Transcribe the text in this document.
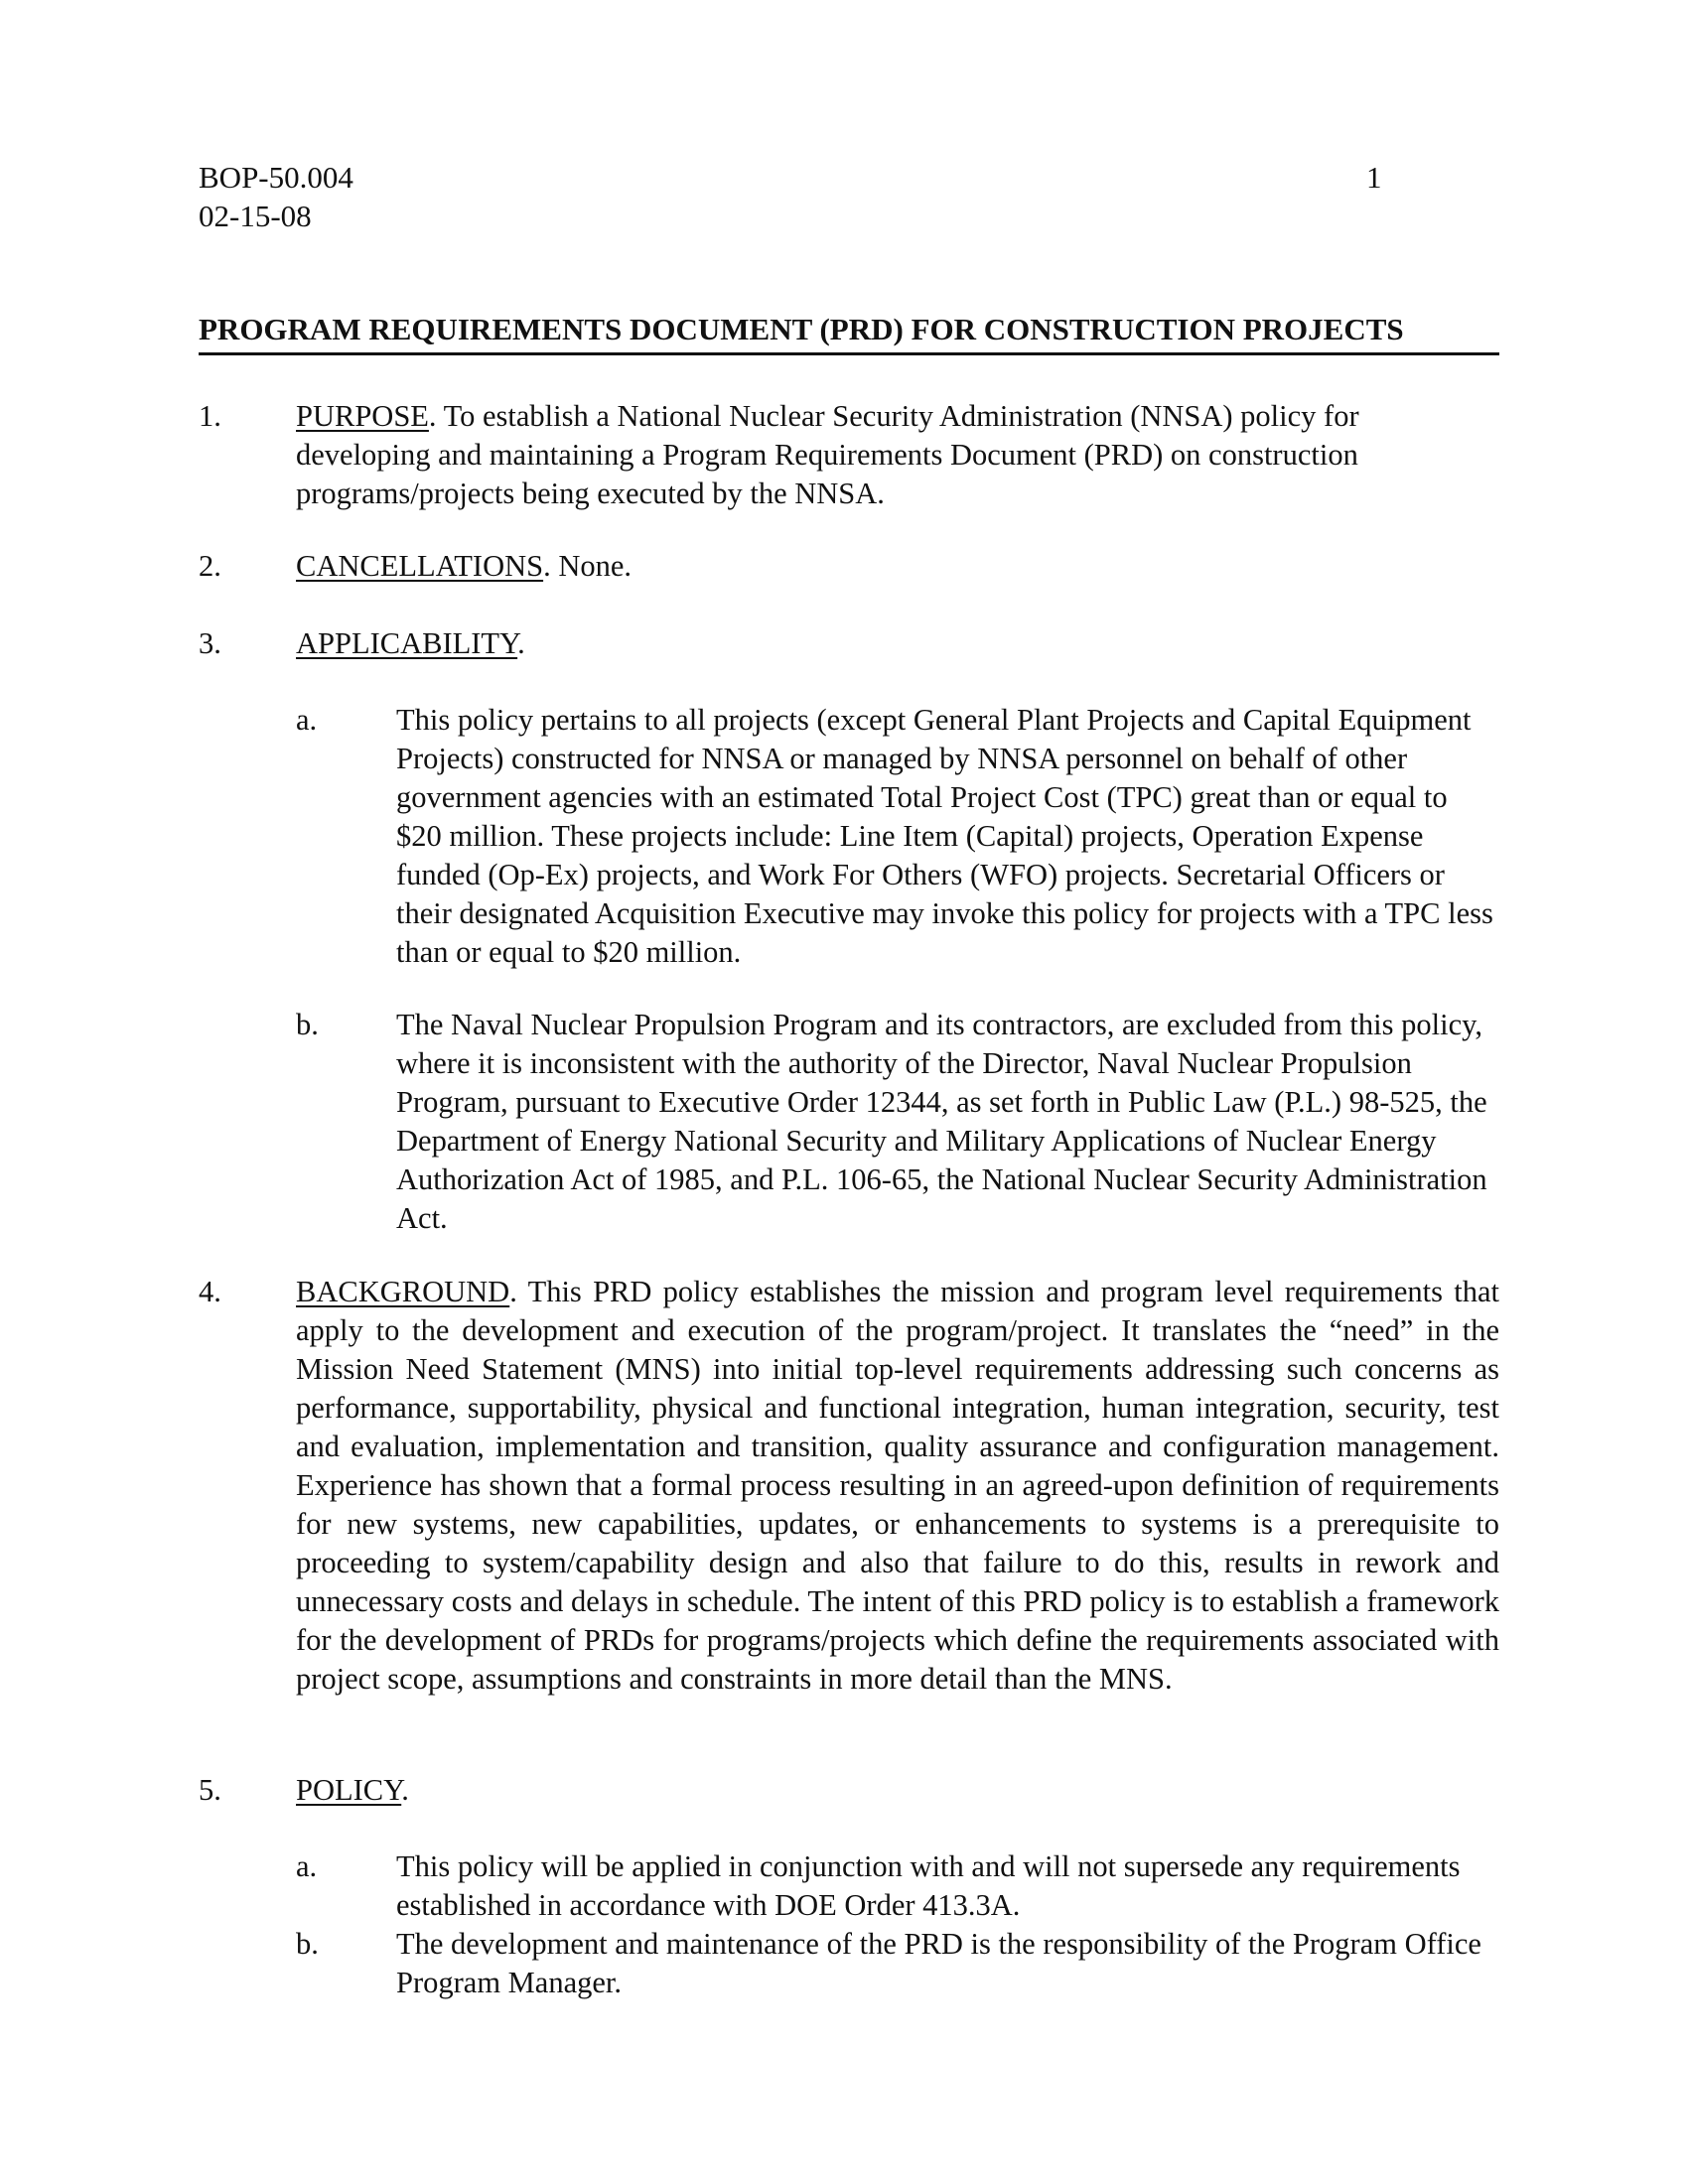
BOP-50.004
02-15-08
1
PROGRAM REQUIREMENTS DOCUMENT (PRD) FOR CONSTRUCTION PROJECTS
1. PURPOSE. To establish a National Nuclear Security Administration (NNSA) policy for developing and maintaining a Program Requirements Document (PRD) on construction programs/projects being executed by the NNSA.

2. CANCELLATIONS. None.

3. APPLICABILITY.

a.	This policy pertains to all projects (except General Plant Projects and Capital Equipment Projects) constructed for NNSA or managed by NNSA personnel on behalf of other government agencies with an estimated Total Project Cost (TPC) great than or equal to $20 million. These projects include: Line Item (Capital) projects, Operation Expense funded (Op-Ex) projects, and Work For Others (WFO) projects. Secretarial Officers or their designated Acquisition Executive may invoke this policy for projects with a TPC less than or equal to $20 million.

b.	The Naval Nuclear Propulsion Program and its contractors, are excluded from this policy, where it is inconsistent with the authority of the Director, Naval Nuclear Propulsion Program, pursuant to Executive Order 12344, as set forth in Public Law (P.L.) 98-525, the Department of Energy National Security and Military Applications of Nuclear Energy Authorization Act of 1985, and P.L. 106-65, the National Nuclear Security Administration Act.

4. BACKGROUND. This PRD policy establishes the mission and program level requirements that apply to the development and execution of the program/project. It translates the “need” in the Mission Need Statement (MNS) into initial top-level requirements addressing such concerns as performance, supportability, physical and functional integration, human integration, security, test and evaluation, implementation and transition, quality assurance and configuration management. Experience has shown that a formal process resulting in an agreed-upon definition of requirements for new systems, new capabilities, updates, or enhancements to systems is a prerequisite to proceeding to system/capability design and also that failure to do this, results in rework and unnecessary costs and delays in schedule. The intent of this PRD policy is to establish a framework for the development of PRDs for programs/projects which define the requirements associated with project scope, assumptions and constraints in more detail than the MNS.

5. POLICY.

a.	This policy will be applied in conjunction with and will not supersede any requirements established in accordance with DOE Order 413.3A.

b.	The development and maintenance of the PRD is the responsibility of the Program Office Program Manager.
